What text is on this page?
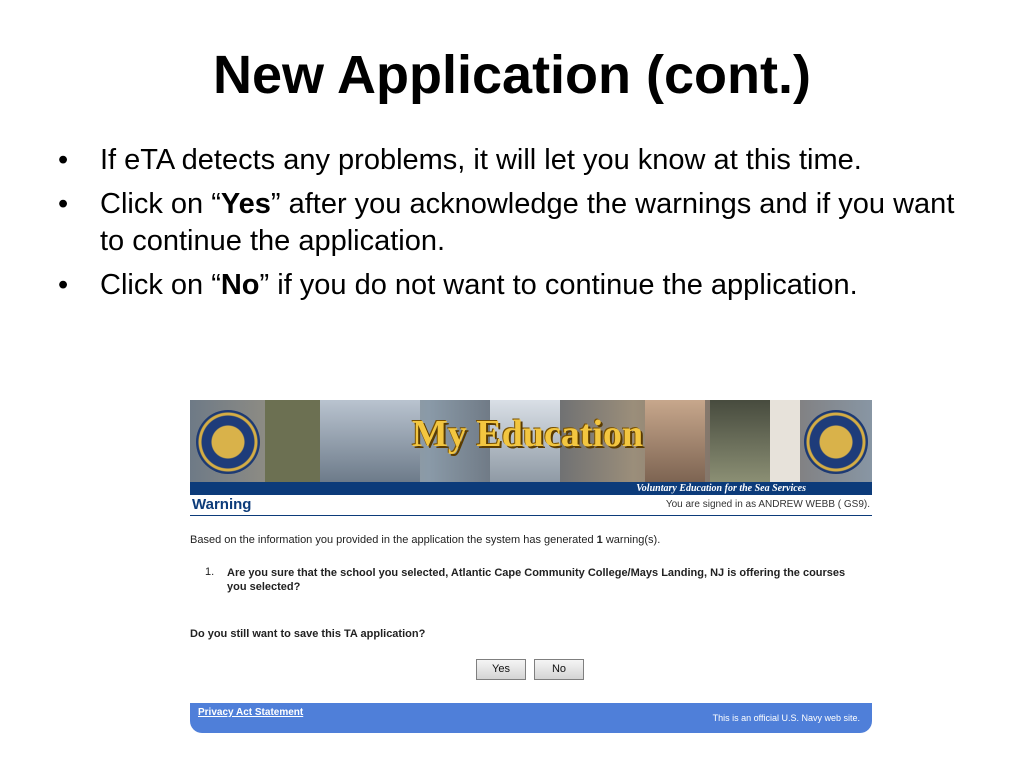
New Application (cont.)
• If eTA detects any problems, it will let you know at this time.
• Click on “Yes” after you acknowledge the warnings and if you want to continue the application.
• Click on “No” if you do not want to continue the application.
My Education
Voluntary Education for the Sea Services
Warning	You are signed in as ANDREW WEBB ( GS9).
Based on the information you provided in the application the system has generated 1 warning(s).
1.	Are you sure that the school you selected, Atlantic Cape Community College/Mays Landing, NJ is offering the courses you selected?
Do you still want to save this TA application?
Yes	No
Privacy Act Statement	This is an official U.S. Navy web site.
